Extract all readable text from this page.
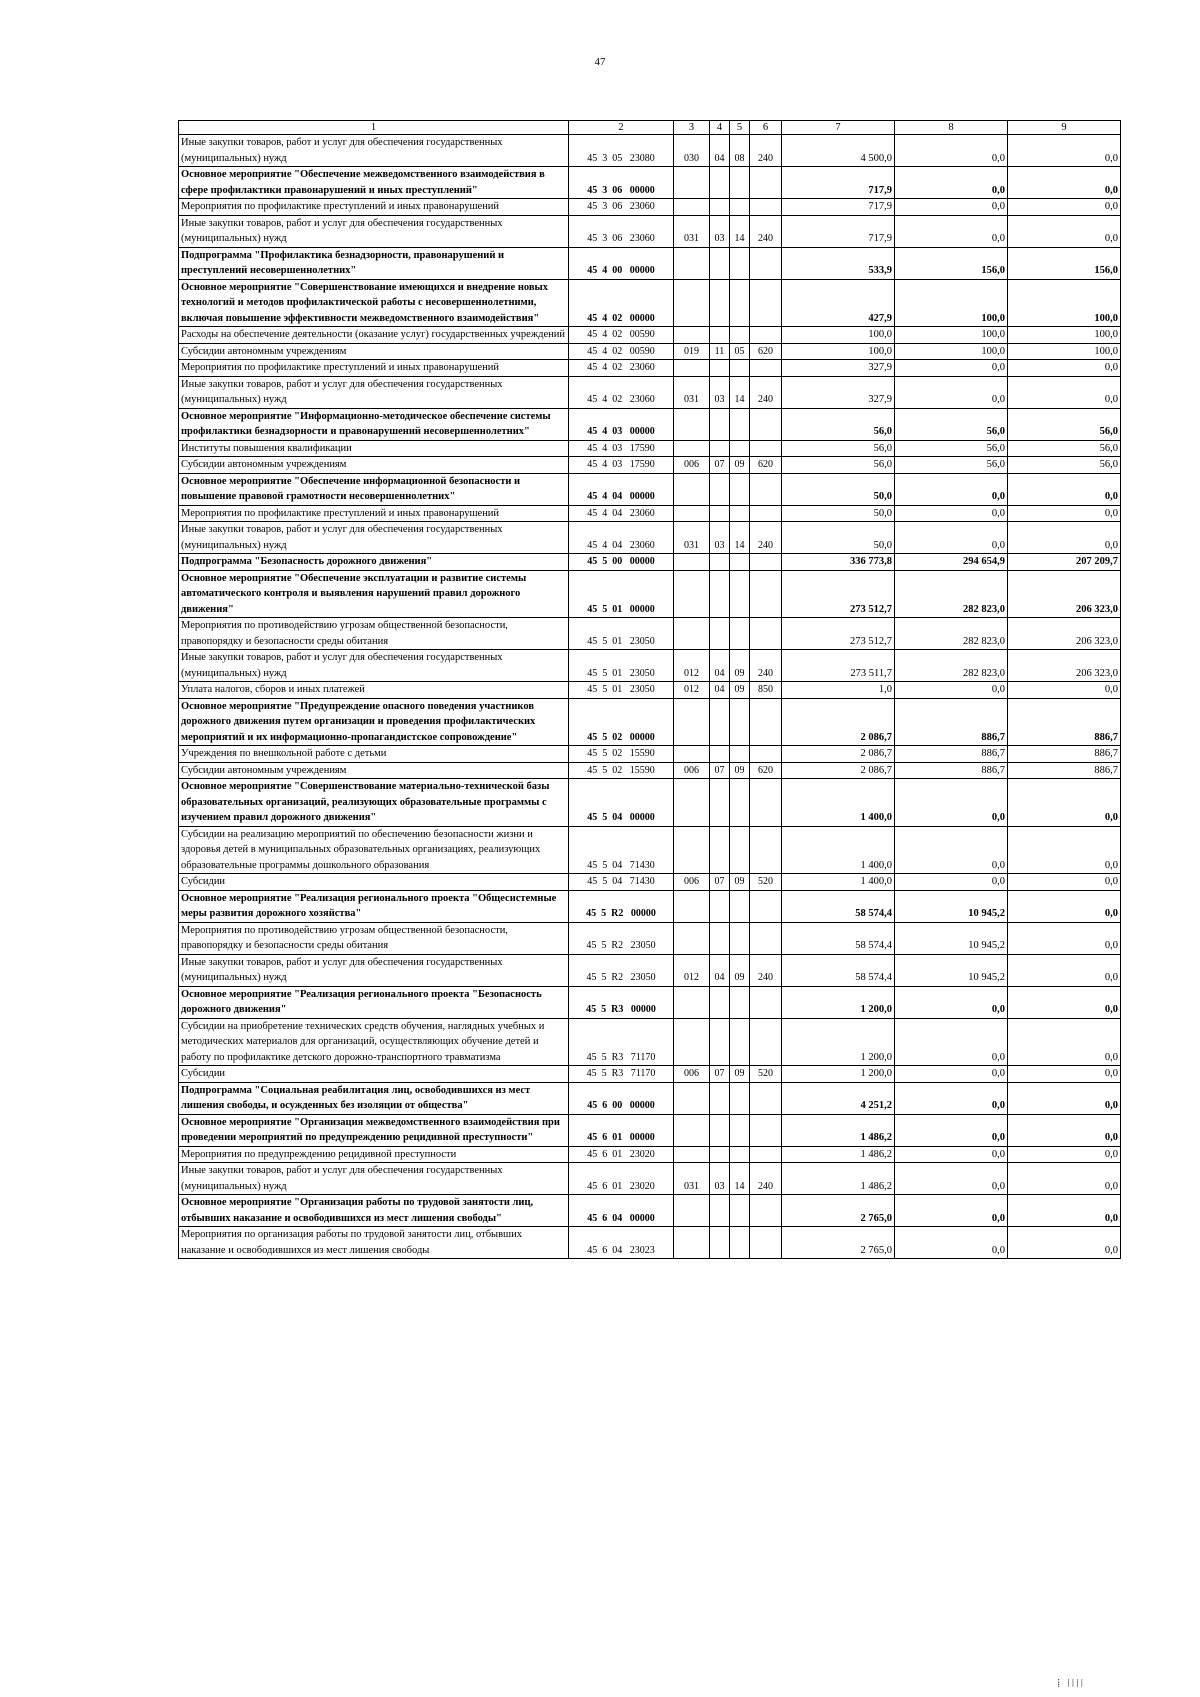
47
1	2	3	4	5	6	7	8	9
Иные закупки товаров, работ и услуг для обеспечения государственных (муниципальных) нужд	45  3  05   23080	030	04	08	240	4 500,0	0,0	0,0
Основное мероприятие "Обеспечение межведомственного взаимодействия в сфере профилактики правонарушений и иных преступлений"	45  3  06   00000					717,9	0,0	0,0
Мероприятия по профилактике преступлений и иных правонарушений	45  3  06   23060					717,9	0,0	0,0
Иные закупки товаров, работ и услуг для обеспечения государственных (муниципальных) нужд	45  3  06   23060	031	03	14	240	717,9	0,0	0,0
Подпрограмма "Профилактика безнадзорности, правонарушений и преступлений несовершеннолетних"	45  4  00   00000					533,9	156,0	156,0
Основное мероприятие "Совершенствование имеющихся и внедрение новых технологий и методов профилактической работы с несовершеннолетними, включая повышение эффективности межведомственного взаимодействия"	45  4  02   00000					427,9	100,0	100,0
Расходы на обеспечение деятельности (оказание услуг) государственных учреждений	45  4  02   00590					100,0	100,0	100,0
Субсидии автономным учреждениям	45  4  02   00590	019	11	05	620	100,0	100,0	100,0
Мероприятия по профилактике преступлений и иных правонарушений	45  4  02   23060					327,9	0,0	0,0
Иные закупки товаров, работ и услуг для обеспечения государственных (муниципальных) нужд	45  4  02   23060	031	03	14	240	327,9	0,0	0,0
Основное мероприятие "Информационно-методическое обеспечение системы профилактики безнадзорности и правонарушений несовершеннолетних"	45  4  03   00000					56,0	56,0	56,0
Институты повышения квалификации	45  4  03   17590					56,0	56,0	56,0
Субсидии автономным учреждениям	45  4  03   17590	006	07	09	620	56,0	56,0	56,0
Основное мероприятие "Обеспечение информационной безопасности и повышение правовой грамотности несовершеннолетних"	45  4  04   00000					50,0	0,0	0,0
Мероприятия по профилактике преступлений и иных правонарушений	45  4  04   23060					50,0	0,0	0,0
Иные закупки товаров, работ и услуг для обеспечения государственных (муниципальных) нужд	45  4  04   23060	031	03	14	240	50,0	0,0	0,0
Подпрограмма "Безопасность дорожного движения"	45  5  00   00000					336 773,8	294 654,9	207 209,7
Основное мероприятие "Обеспечение эксплуатации и развитие системы автоматического контроля и выявления нарушений правил дорожного движения"	45  5  01   00000					273 512,7	282 823,0	206 323,0
Мероприятия по противодействию угрозам общественной безопасности, правопорядку и безопасности среды обитания	45  5  01   23050					273 512,7	282 823,0	206 323,0
Иные закупки товаров, работ и услуг для обеспечения государственных (муниципальных) нужд	45  5  01   23050	012	04	09	240	273 511,7	282 823,0	206 323,0
Уплата налогов, сборов и иных платежей	45  5  01   23050	012	04	09	850	1,0	0,0	0,0
Основное мероприятие "Предупреждение опасного поведения участников дорожного движения путем организации и проведения профилактических мероприятий и их информационно-пропагандистское сопровождение"	45  5  02   00000					2 086,7	886,7	886,7
Учреждения по внешкольной работе с детьми	45  5  02   15590					2 086,7	886,7	886,7
Субсидии автономным учреждениям	45  5  02   15590	006	07	09	620	2 086,7	886,7	886,7
Основное мероприятие "Совершенствование материально-технической базы образовательных организаций, реализующих образовательные программы с изучением правил дорожного движения"	45  5  04   00000					1 400,0	0,0	0,0
Субсидии на реализацию мероприятий по обеспечению безопасности жизни и здоровья детей в муниципальных образовательных организациях, реализующих образовательные программы дошкольного образования	45  5  04   71430					1 400,0	0,0	0,0
Субсидии	45  5  04   71430	006	07	09	520	1 400,0	0,0	0,0
Основное мероприятие "Реализация регионального проекта "Общесистемные меры развития дорожного хозяйства"	45  5  R2   00000					58 574,4	10 945,2	0,0
Мероприятия по противодействию угрозам общественной безопасности, правопорядку и безопасности среды обитания	45  5  R2   23050					58 574,4	10 945,2	0,0
Иные закупки товаров, работ и услуг для обеспечения государственных (муниципальных) нужд	45  5  R2   23050	012	04	09	240	58 574,4	10 945,2	0,0
Основное мероприятие "Реализация регионального проекта "Безопасность дорожного движения"	45  5  R3   00000					1 200,0	0,0	0,0
Субсидии на приобретение технических средств обучения, наглядных учебных и методических материалов для организаций, осуществляющих обучение детей и работу по профилактике детского дорожно-транспортного травматизма	45  5  R3   71170					1 200,0	0,0	0,0
Субсидии	45  5  R3   71170	006	07	09	520	1 200,0	0,0	0,0
Подпрограмма "Социальная реабилитация лиц, освободившихся из мест лишения свободы, и осужденных без изоляции от общества"	45  6  00   00000					4 251,2	0,0	0,0
Основное мероприятие "Организация межведомственного взаимодействия при проведении мероприятий по предупреждению рецидивной преступности"	45  6  01   00000					1 486,2	0,0	0,0
Мероприятия по предупреждению рецидивной преступности	45  6  01   23020					1 486,2	0,0	0,0
Иные закупки товаров, работ и услуг для обеспечения государственных (муниципальных) нужд	45  6  01   23020	031	03	14	240	1 486,2	0,0	0,0
Основное мероприятие "Организация работы по трудовой занятости лиц, отбывших наказание и освободившихся из мест лишения свободы"	45  6  04   00000					2 765,0	0,0	0,0
Мероприятия по организация работы по трудовой занятости лиц, отбывших наказание и освободившихся из мест лишения свободы	45  6  04   23023					2 765,0	0,0	0,0
⁞ ǀǀǀǀ
